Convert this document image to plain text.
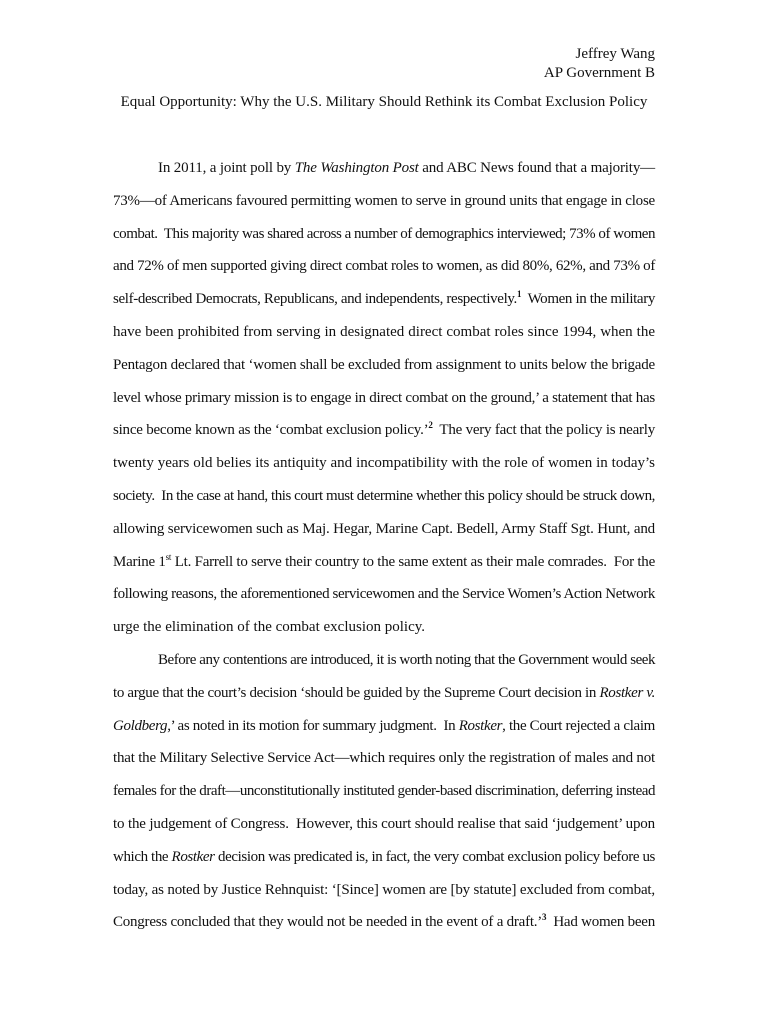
Jeffrey Wang
AP Government B
Equal Opportunity: Why the U.S. Military Should Rethink its Combat Exclusion Policy
In 2011, a joint poll by The Washington Post and ABC News found that a majority—
73%—of Americans favoured permitting women to serve in ground units that engage in close
combat.  This majority was shared across a number of demographics interviewed; 73% of women
and 72% of men supported giving direct combat roles to women, as did 80%, 62%, and 73% of
self-described Democrats, Republicans, and independents, respectively.$^1$  Women in the military
have been prohibited from serving in designated direct combat roles since 1994, when the
Pentagon declared that ‘women shall be excluded from assignment to units below the brigade
level whose primary mission is to engage in direct combat on the ground,’ a statement that has
since become known as the ‘combat exclusion policy.’$^2$  The very fact that the policy is nearly
twenty years old belies its antiquity and incompatibility with the role of women in today’s
society.  In the case at hand, this court must determine whether this policy should be struck down,
allowing servicewomen such as Maj. Hegar, Marine Capt. Bedell, Army Staff Sgt. Hunt, and
Marine 1st Lt. Farrell to serve their country to the same extent as their male comrades.  For the
following reasons, the aforementioned servicewomen and the Service Women’s Action Network
urge the elimination of the combat exclusion policy.
Before any contentions are introduced, it is worth noting that the Government would seek
to argue that the court’s decision ‘should be guided by the Supreme Court decision in Rostker v.
Goldberg,’ as noted in its motion for summary judgment.  In Rostker, the Court rejected a claim
that the Military Selective Service Act—which requires only the registration of males and not
females for the draft—unconstitutionally instituted gender-based discrimination, deferring instead
to the judgement of Congress.  However, this court should realise that said ‘judgement’ upon
which the Rostker decision was predicated is, in fact, the very combat exclusion policy before us
today, as noted by Justice Rehnquist: ‘[Since] women are [by statute] excluded from combat,
Congress concluded that they would not be needed in the event of a draft.’$^3$  Had women been
